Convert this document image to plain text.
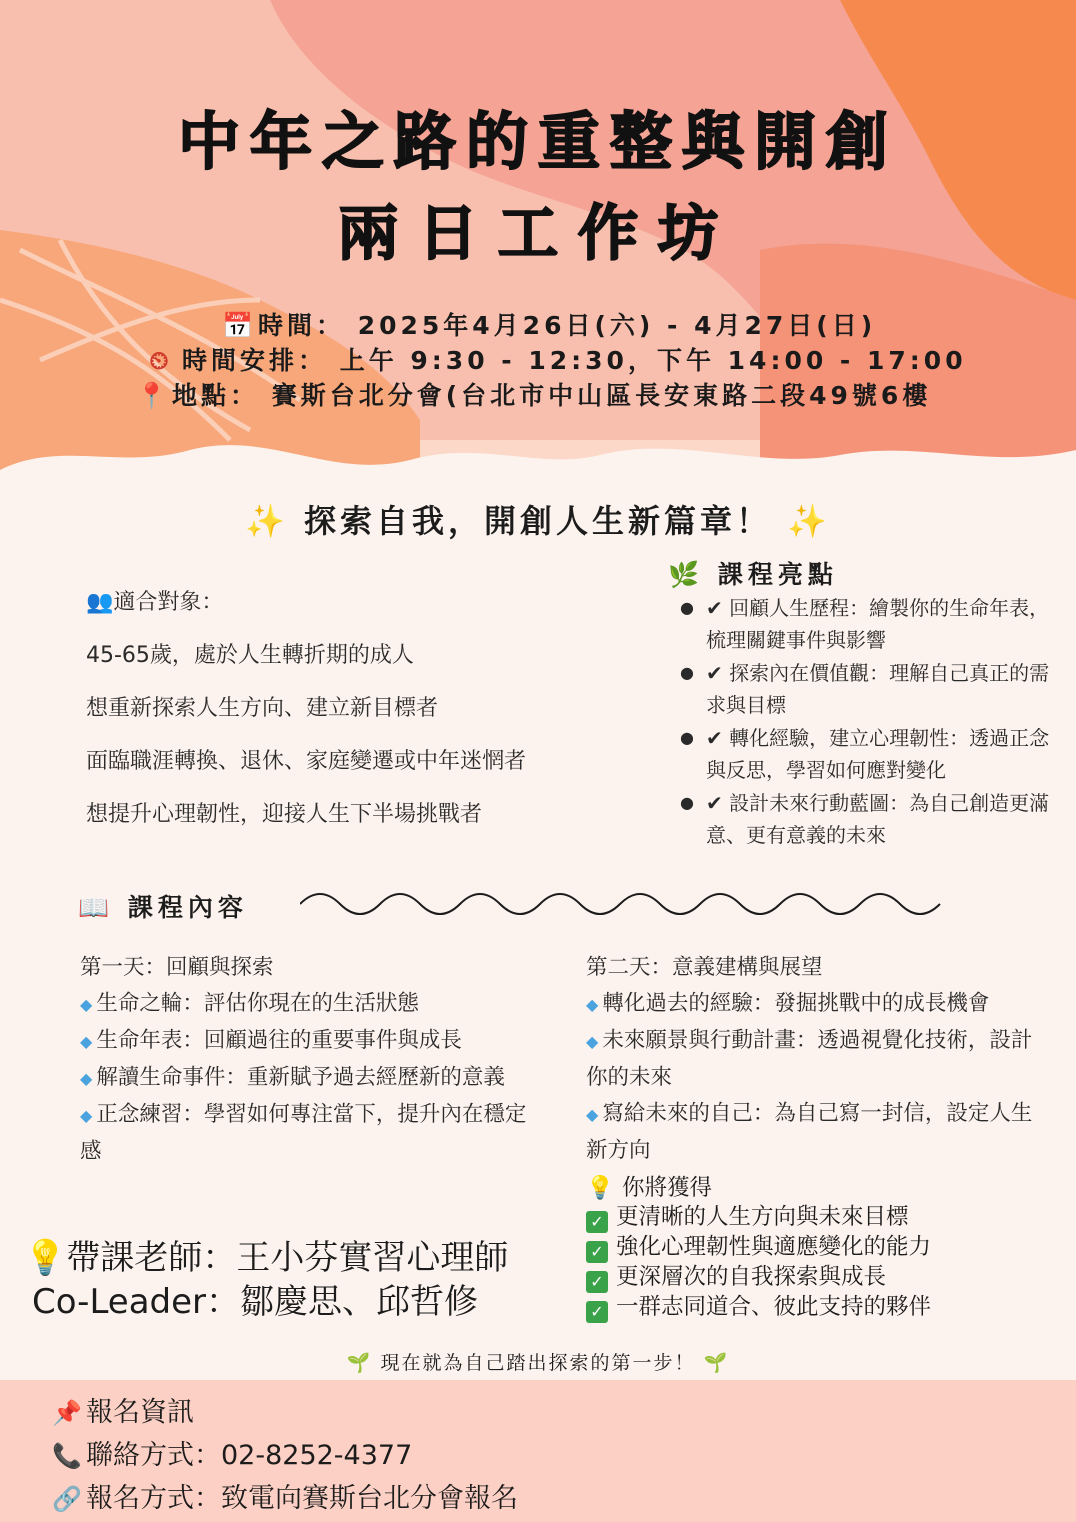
中年之路的重整與開創
兩日工作坊
📅 時間： 2025年4月26日(六) - 4月27日(日)
⏲ 時間安排： 上午 9:30 - 12:30，下午 14:00 - 17:00
📍 地點： 賽斯台北分會(台北市中山區長安東路二段49號6樓
✨ 探索自我，開創人生新篇章！ ✨
👥適合對象：
45-65歲，處於人生轉折期的成人
想重新探索人生方向、建立新目標者
面臨職涯轉換、退休、家庭變遷或中年迷惘者
想提升心理韌性，迎接人生下半場挑戰者
🌿 課程亮點
● ✔ 回顧人生歷程：繪製你的生命年表，梳理關鍵事件與影響
● ✔ 探索內在價值觀：理解自己真正的需求與目標
● ✔ 轉化經驗，建立心理韌性：透過正念與反思，學習如何應對變化
● ✔ 設計未來行動藍圖：為自己創造更滿意、更有意義的未來
📖 課程內容
第一天：回顧與探索
◆ 生命之輪：評估你現在的生活狀態
◆ 生命年表：回顧過往的重要事件與成長
◆ 解讀生命事件：重新賦予過去經歷新的意義
◆ 正念練習：學習如何專注當下，提升內在穩定感
第二天：意義建構與展望
◆ 轉化過去的經驗：發掘挑戰中的成長機會
◆ 未來願景與行動計畫：透過視覺化技術，設計你的未來
◆ 寫給未來的自己：為自己寫一封信，設定人生新方向
💡帶課老師：王小芬實習心理師
Co-Leader：鄒慶思、邱哲修
💡 你將獲得
✓ 更清晰的人生方向與未來目標
✓ 強化心理韌性與適應變化的能力
✓ 更深層次的自我探索與成長
✓ 一群志同道合、彼此支持的夥伴
🌱 現在就為自己踏出探索的第一步！ 🌱
📌 報名資訊
📞 聯絡方式：02-8252-4377
🔗 報名方式：致電向賽斯台北分會報名
